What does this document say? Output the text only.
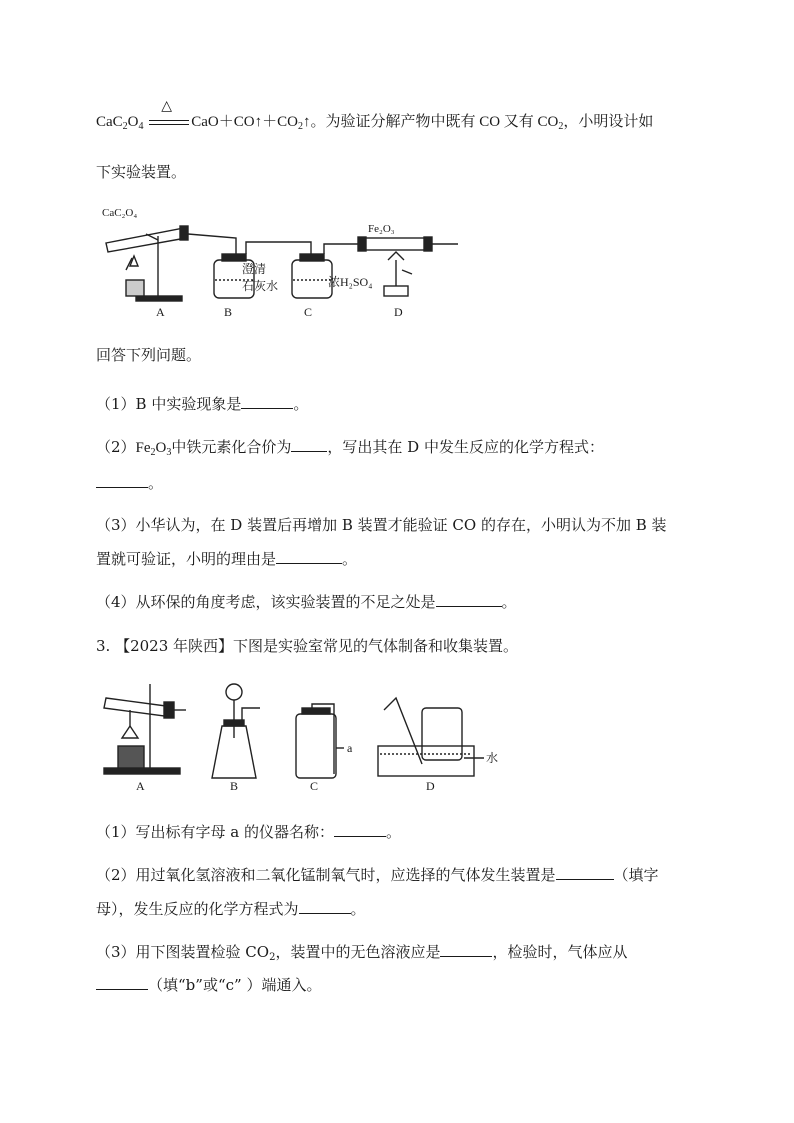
$CaC_2O_4$
△
$CaO+CO↑+CO_2↑$。为验证分解产物中既有 CO 又有 $CO_2$，小明设计如
下实验装置。
CaC₂O₄
Fe₂O₃
澄清
石灰水	浓H₂SO₄
A	B	C	D
回答下列问题。
（1）B 中实验现象是	。
$(2)Fe_2O_3$中铁元素化合价为 ，写出其在 D 中发生反应的化学方程式：
。
（3）小华认为，在 D 装置后再增加 B 装置才能验证 CO 的存在，小明认为不加 B 装
置就可验证，小明的理由是	。
（4）从环保的角度考虑，该实验装置的不足之处是	。
3. 【2023 年陕西】下图是实验室常见的气体制备和收集装置。
A	B	C	D
a
水
（1）写出标有字母 a 的仪器名称：	。
（2）用过氧化氢溶液和二氧化锰制氧气时，应选择的气体发生装置是	（填字
母），发生反应的化学方程式为	。
（3）用下图装置检验 $CO_2$，装置中的无色溶液应是	，检验时，气体应从
（填“b”或“c” ）端通入。
